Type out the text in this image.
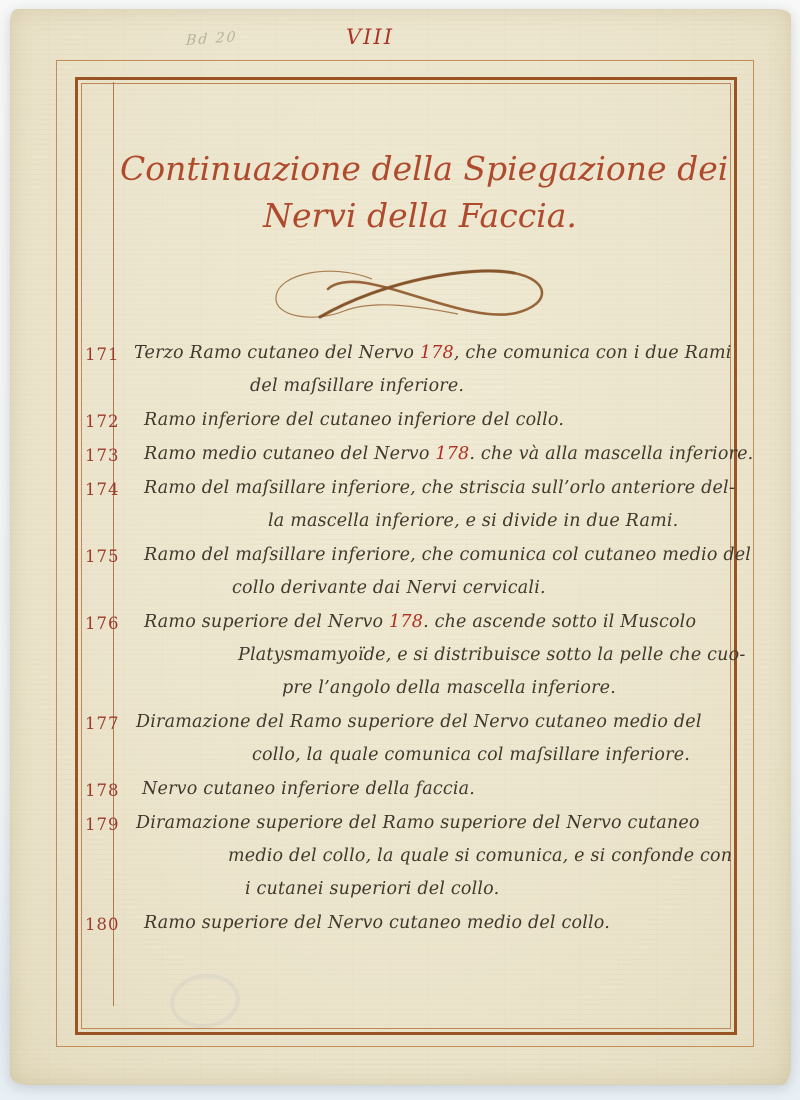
Bd 20	VIII
Continuazione della Spiegazione dei
Nervi della Faccia.
171 Terzo Ramo cutaneo del Nervo 178, che comunica con i due Rami
del maſsillare inferiore.
172	Ramo inferiore del cutaneo inferiore del collo.
173	Ramo medio cutaneo del Nervo 178. che và alla mascella inferiore.
174	Ramo del maſsillare inferiore, che striscia sull’orlo anteriore del-
la mascella inferiore, e si divide in due Rami.
175	Ramo del maſsillare inferiore, che comunica col cutaneo medio del
collo derivante dai Nervi cervicali.
176	Ramo superiore del Nervo 178. che ascende sotto il Muscolo
Platysmamyoïde, e si distribuisce sotto la pelle che cuo-
pre l’angolo della mascella inferiore.
177 Diramazione del Ramo superiore del Nervo cutaneo medio del
collo, la quale comunica col maſsillare inferiore.
178	Nervo cutaneo inferiore della faccia.
179 Diramazione superiore del Ramo superiore del Nervo cutaneo
medio del collo, la quale si comunica, e si confonde con
i cutanei superiori del collo.
180	Ramo superiore del Nervo cutaneo medio del collo.
